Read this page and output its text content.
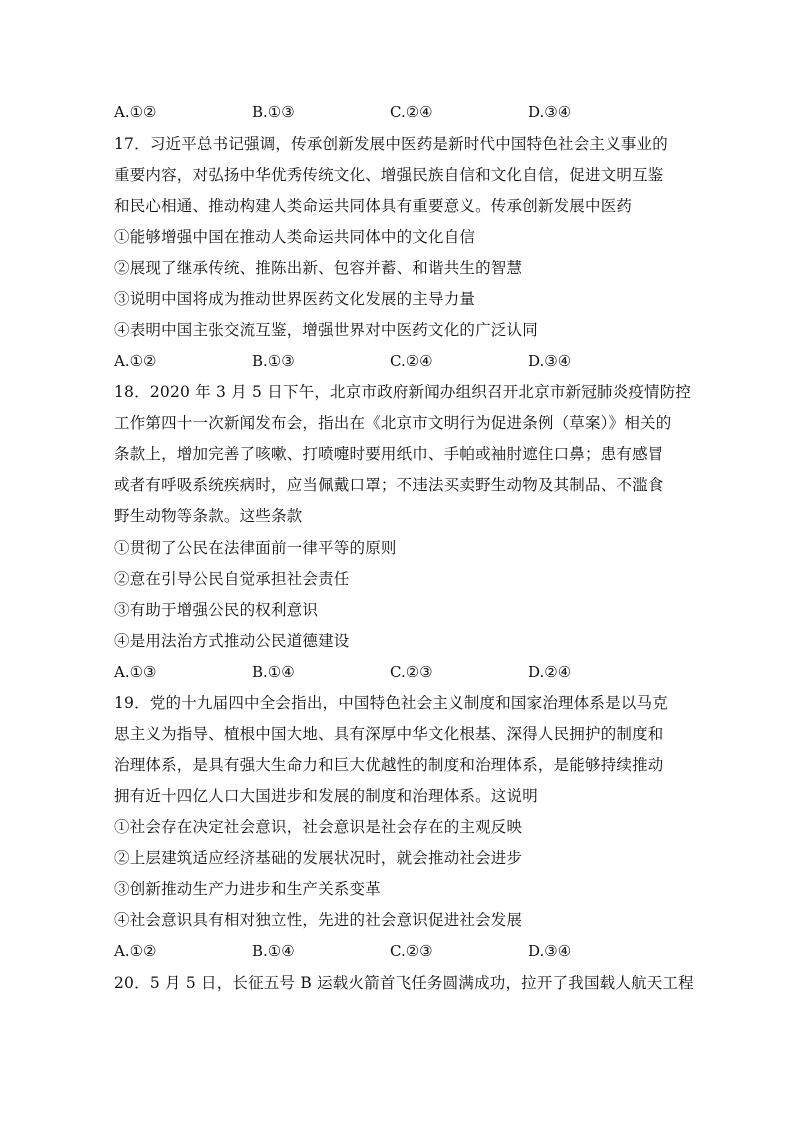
A.①②	B.①③	C.②④	D.③④
17．习近平总书记强调，传承创新发展中医药是新时代中国特色社会主义事业的
重要内容，对弘扬中华优秀传统文化、增强民族自信和文化自信，促进文明互鉴
和民心相通、推动构建人类命运共同体具有重要意义。传承创新发展中医药
①能够增强中国在推动人类命运共同体中的文化自信
②展现了继承传统、推陈出新、包容并蓄、和谐共生的智慧
③说明中国将成为推动世界医药文化发展的主导力量
④表明中国主张交流互鉴，增强世界对中医药文化的广泛认同
A.①②	B.①③	C.②④	D.③④
18．2020 年 3 月 5 日下午，北京市政府新闻办组织召开北京市新冠肺炎疫情防控
工作第四十一次新闻发布会，指出在《北京市文明行为促进条例（草案）》相关的
条款上，增加完善了咳嗽、打喷嚏时要用纸巾、手帕或袖肘遮住口鼻；患有感冒
或者有呼吸系统疾病时，应当佩戴口罩；不违法买卖野生动物及其制品、不滥食
野生动物等条款。这些条款
①贯彻了公民在法律面前一律平等的原则
②意在引导公民自觉承担社会责任
③有助于增强公民的权利意识
④是用法治方式推动公民道德建设
A.①③	B.①④	C.②③	D.②④
19．党的十九届四中全会指出，中国特色社会主义制度和国家治理体系是以马克
思主义为指导、植根中国大地、具有深厚中华文化根基、深得人民拥护的制度和
治理体系，是具有强大生命力和巨大优越性的制度和治理体系，是能够持续推动
拥有近十四亿人口大国进步和发展的制度和治理体系。这说明
①社会存在决定社会意识，社会意识是社会存在的主观反映
②上层建筑适应经济基础的发展状况时，就会推动社会进步
③创新推动生产力进步和生产关系变革
④社会意识具有相对独立性，先进的社会意识促进社会发展
A.①②	B.①④	C.②③	D.③④
20．5 月 5 日，长征五号 B 运载火箭首飞任务圆满成功，拉开了我国载人航天工程
